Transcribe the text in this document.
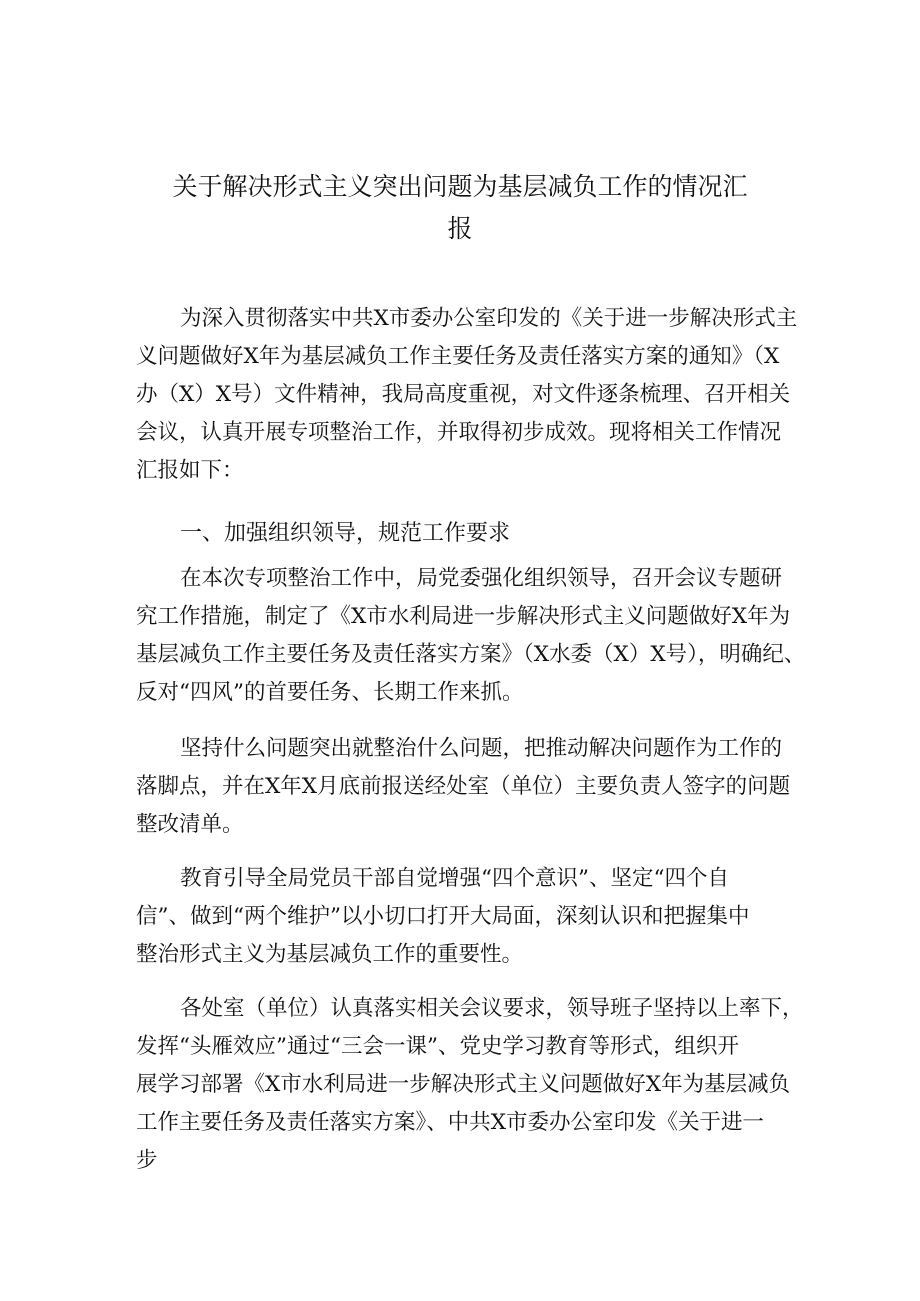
关于解决形式主义突出问题为基层减负工作的情况汇
报

为深入贯彻落实中共X市委办公室印发的《关于进一步解决形式主
义问题做好X年为基层减负工作主要任务及责任落实方案的通知》（X
办（X）X号）文件精神，我局高度重视，对文件逐条梳理、召开相关
会议，认真开展专项整治工作，并取得初步成效。现将相关工作情况
汇报如下：

一、加强组织领导，规范工作要求

在本次专项整治工作中，局党委强化组织领导，召开会议专题研
究工作措施，制定了《X市水利局进一步解决形式主义问题做好X年为
基层减负工作主要任务及责任落实方案》（X水委（X）X号），明确纪、
反对“四风”的首要任务、长期工作来抓。

坚持什么问题突出就整治什么问题，把推动解决问题作为工作的
落脚点，并在X年X月底前报送经处室（单位）主要负责人签字的问题
整改清单。

教育引导全局党员干部自觉增强“四个意识”、坚定“四个自
信”、做到“两个维护”以小切口打开大局面，深刻认识和把握集中
整治形式主义为基层减负工作的重要性。

各处室（单位）认真落实相关会议要求，领导班子坚持以上率下，
发挥“头雁效应”通过“三会一课”、党史学习教育等形式，组织开
展学习部署《X市水利局进一步解决形式主义问题做好X年为基层减负
工作主要任务及责任落实方案》、中共X市委办公室印发《关于进一
步
